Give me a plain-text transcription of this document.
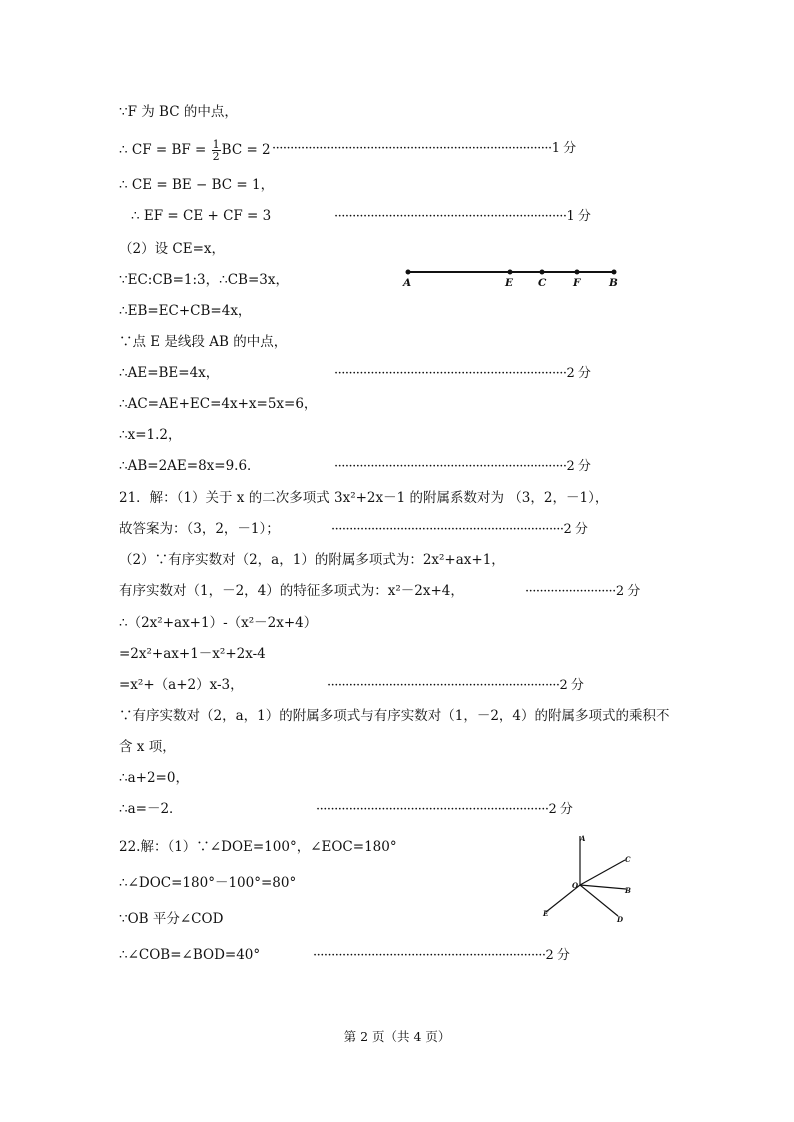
∵F 为 BC 的中点，
∴ CF = BF = $\frac{1}{2}$ BC = 2 ·············································································1 分
∴ CE = BE − BC = 1，
∴ EF = CE + CF = 3	································································1 分
（2）设 CE=x，
∵EC:CB=1:3，∴CB=3x，
∴EB=EC+CB=4x，
∵点 E 是线段 AB 的中点，
∴AE=BE=4x，	································································2 分
∴AC=AE+EC=4x+x=5x=6，
∴x=1.2，
∴AB=2AE=8x=9.6．	································································2 分
21．解：（1）关于 x 的二次多项式 3x²+2x－1 的附属系数对为 （3，2，－1），
故答案为：（3，2，－1）；	································································2 分
（2）∵有序实数对（2，a，1）的附属多项式为：2x²+ax+1，
有序实数对（1，－2，4）的特征多项式为：x²－2x+4，	·························2 分
∴（2x²+ax+1）-（x²－2x+4）
=2x²+ax+1－x²+2x-4
=x²+（a+2）x-3，	································································2 分
∵有序实数对（2，a，1）的附属多项式与有序实数对（1，－2，4）的附属多项式的乘积不
含 x 项，
∴a+2=0，
∴a=－2．	································································2 分
22.解：（1）∵∠DOE=100°，∠EOC=180°
∴∠DOC=180°－100°=80°
∵OB 平分∠COD
∴∠COB=∠BOD=40°	································································2 分
A	E C	F	B
A
C
O
B
E
D
第 2 页（共 4 页）
